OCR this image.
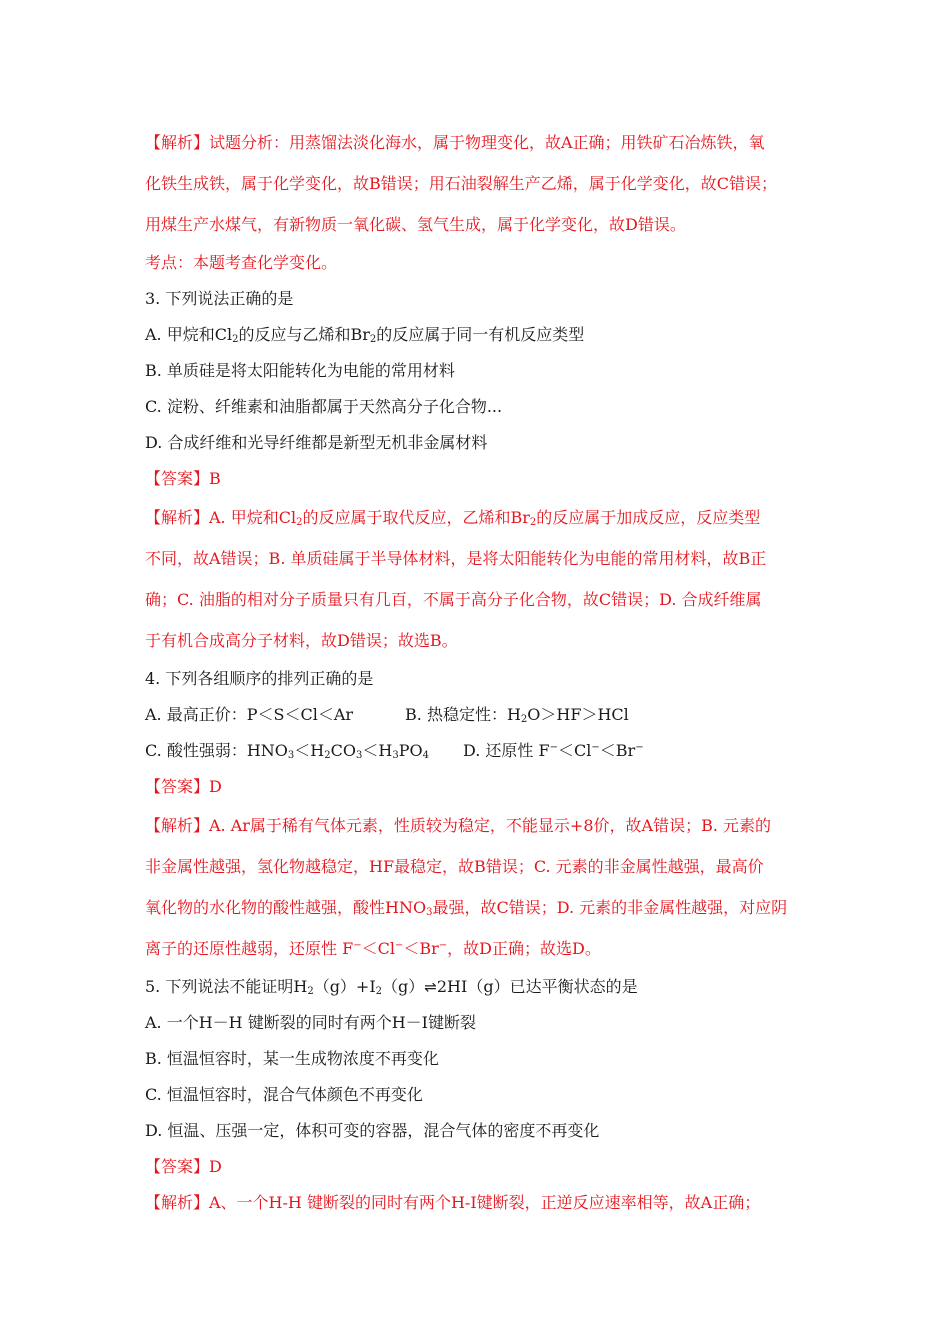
【解析】试题分析：用蒸馏法淡化海水，属于物理变化，故A正确；用铁矿石冶炼铁，氧
化铁生成铁，属于化学变化，故B错误；用石油裂解生产乙烯，属于化学变化，故C错误；
用煤生产水煤气，有新物质一氧化碳、氢气生成，属于化学变化，故D错误。
考点：本题考查化学变化。
3. 下列说法正确的是
A. 甲烷和$Cl_2$的反应与乙烯和$Br_2$的反应属于同一有机反应类型
B. 单质硅是将太阳能转化为电能的常用材料
C. 淀粉、纤维素和油脂都属于天然高分子化合物...
D. 合成纤维和光导纤维都是新型无机非金属材料
【答案】B
【解析】A. 甲烷和$Cl_2$的反应属于取代反应，乙烯和$Br_2$的反应属于加成反应，反应类型
不同，故A错误；B. 单质硅属于半导体材料，是将太阳能转化为电能的常用材料，故B正
确；C. 油脂的相对分子质量只有几百，不属于高分子化合物，故C错误；D. 合成纤维属
于有机合成高分子材料，故D错误；故选B。
4. 下列各组顺序的排列正确的是
A. 最高正价：P＜S＜Cl＜Ar	B. 热稳定性：$H_2O>HF>HCl$
C. 酸性强弱：$HNO_3<H_2CO_3<H_3PO_4$ D. 还原性 F−＜Cl−＜Br−
【答案】D
【解析】A. Ar属于稀有气体元素，性质较为稳定，不能显示+8价，故A错误；B. 元素的
非金属性越强，氢化物越稳定，HF最稳定，故B错误；C. 元素的非金属性越强，最高价
氧化物的水化物的酸性越强，酸性$HNO_3$最强，故C错误；D. 元素的非金属性越强，对应阴
离子的还原性越弱，还原性 F−＜Cl−＜Br−，故D正确；故选D。
5. 下列说法不能证明$H_2(g)+I_2(g)\rightleftharpoons 2HI(g)$已达平衡状态的是
A. 一个H－H 键断裂的同时有两个H－I键断裂
B. 恒温恒容时，某一生成物浓度不再变化
C. 恒温恒容时，混合气体颜色不再变化
D. 恒温、压强一定，体积可变的容器，混合气体的密度不再变化
【答案】D
【解析】A、一个H-H 键断裂的同时有两个H-I键断裂，正逆反应速率相等，故A正确；
